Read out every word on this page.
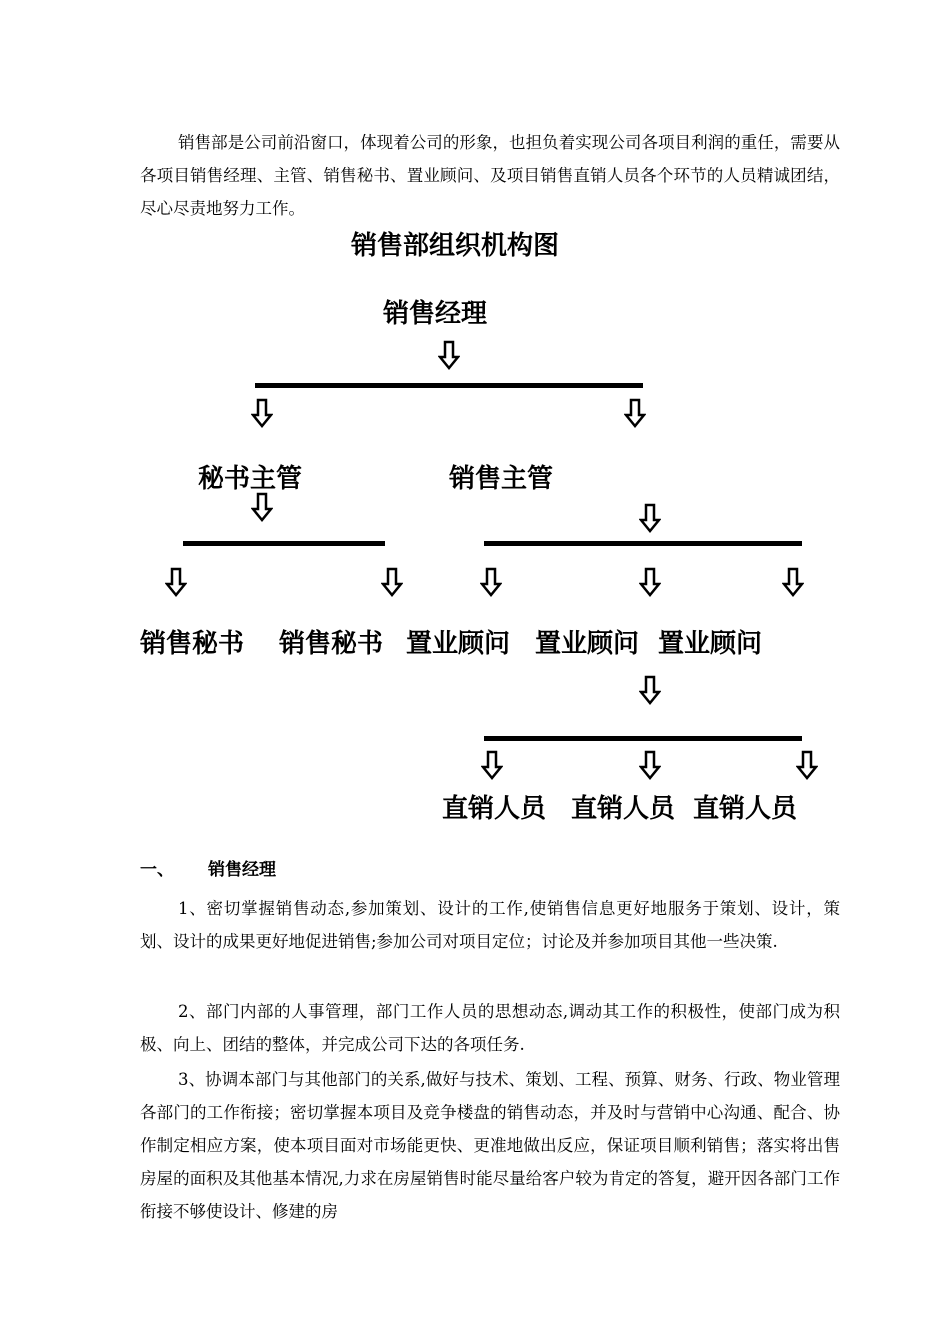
销售部是公司前沿窗口，体现着公司的形象，也担负着实现公司各项目利润的重任，需要从各项目销售经理、主管、销售秘书、置业顾问、及项目销售直销人员各个环节的人员精诚团结，尽心尽责地努力工作。

销售部组织机构图
销售经理
秘书主管	销售主管
销售秘书 销售秘书 置业顾问 置业顾问 置业顾问
直销人员 直销人员 直销人员
一、 销售经理

1、密切掌握销售动态,参加策划、设计的工作,使销售信息更好地服务于策划、设计，策划、设计的成果更好地促进销售;参加公司对项目定位；讨论及并参加项目其他一些决策.

2、部门内部的人事管理，部门工作人员的思想动态,调动其工作的积极性，使部门成为积极、向上、团结的整体，并完成公司下达的各项任务.

3、协调本部门与其他部门的关系,做好与技术、策划、工程、预算、财务、行政、物业管理各部门的工作衔接；密切掌握本项目及竞争楼盘的销售动态，并及时与营销中心沟通、配合、协作制定相应方案，使本项目面对市场能更快、更准地做出反应，保证项目顺利销售；落实将出售房屋的面积及其他基本情况,力求在房屋销售时能尽量给客户较为肯定的答复，避开因各部门工作衔接不够使设计、修建的房
